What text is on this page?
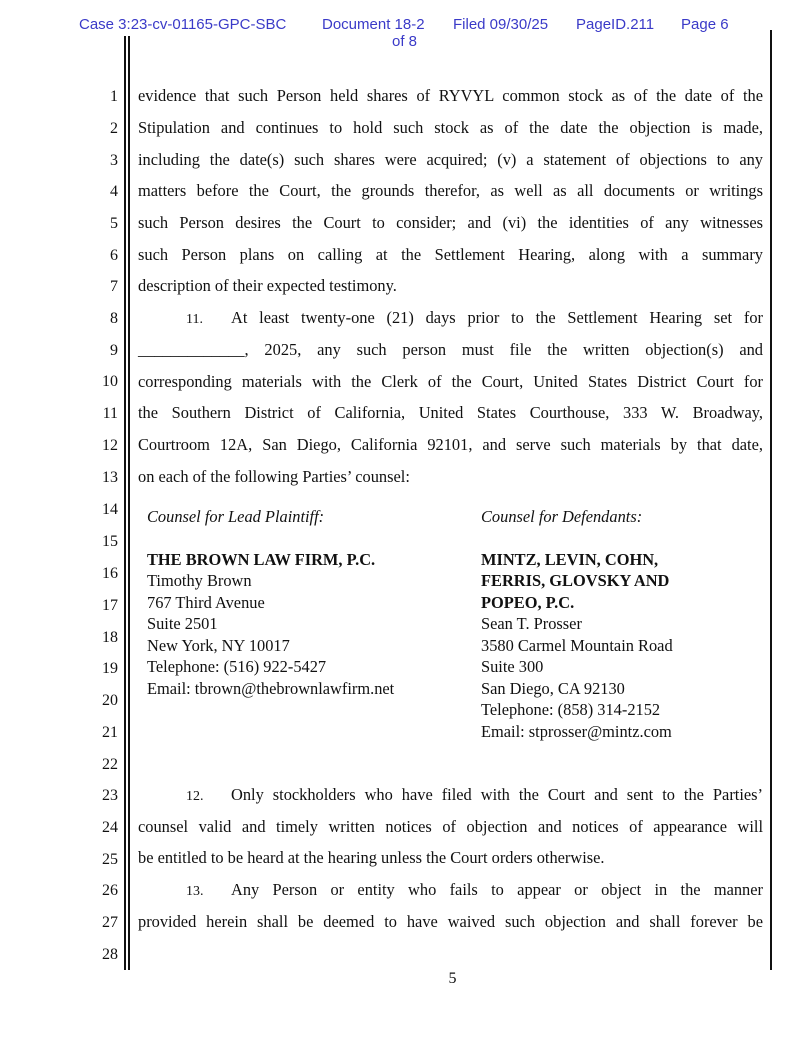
Case 3:23-cv-01165-GPC-SBC Document 18-2 Filed 09/30/25 PageID.211 Page 6
of 8
1
2
3
4
5
6
7
8
9
10
11
12
13
14
15
16
17
18
19
20
21
22
23
24
25
26
27
28
evidence that such Person held shares of RYVYL common stock as of the date of the
Stipulation and continues to hold such stock as of the date the objection is made,
including the date(s) such shares were acquired; (v) a statement of objections to any
matters before the Court, the grounds therefor, as well as all documents or writings
such Person desires the Court to consider; and (vi) the identities of any witnesses
such Person plans on calling at the Settlement Hearing, along with a summary
description of their expected testimony.
11. At least twenty-one (21) days prior to the Settlement Hearing set for
_____________, 2025, any such person must file the written objection(s) and
corresponding materials with the Clerk of the Court, United States District Court for
the Southern District of California, United States Courthouse, 333 W. Broadway,
Courtroom 12A, San Diego, California 92101, and serve such materials by that date,
on each of the following Parties’ counsel:
Counsel for Lead Plaintiff:
THE BROWN LAW FIRM, P.C.
Timothy Brown
767 Third Avenue
Suite 2501
New York, NY 10017
Telephone: (516) 922-5427
Email: tbrown@thebrownlawfirm.net
Counsel for Defendants:
MINTZ, LEVIN, COHN,
FERRIS, GLOVSKY AND
POPEO, P.C.
Sean T. Prosser
3580 Carmel Mountain Road
Suite 300
San Diego, CA 92130
Telephone: (858) 314-2152
Email: stprosser@mintz.com
12. Only stockholders who have filed with the Court and sent to the Parties’
counsel valid and timely written notices of objection and notices of appearance will
be entitled to be heard at the hearing unless the Court orders otherwise.
13. Any Person or entity who fails to appear or object in the manner
provided herein shall be deemed to have waived such objection and shall forever be
5
